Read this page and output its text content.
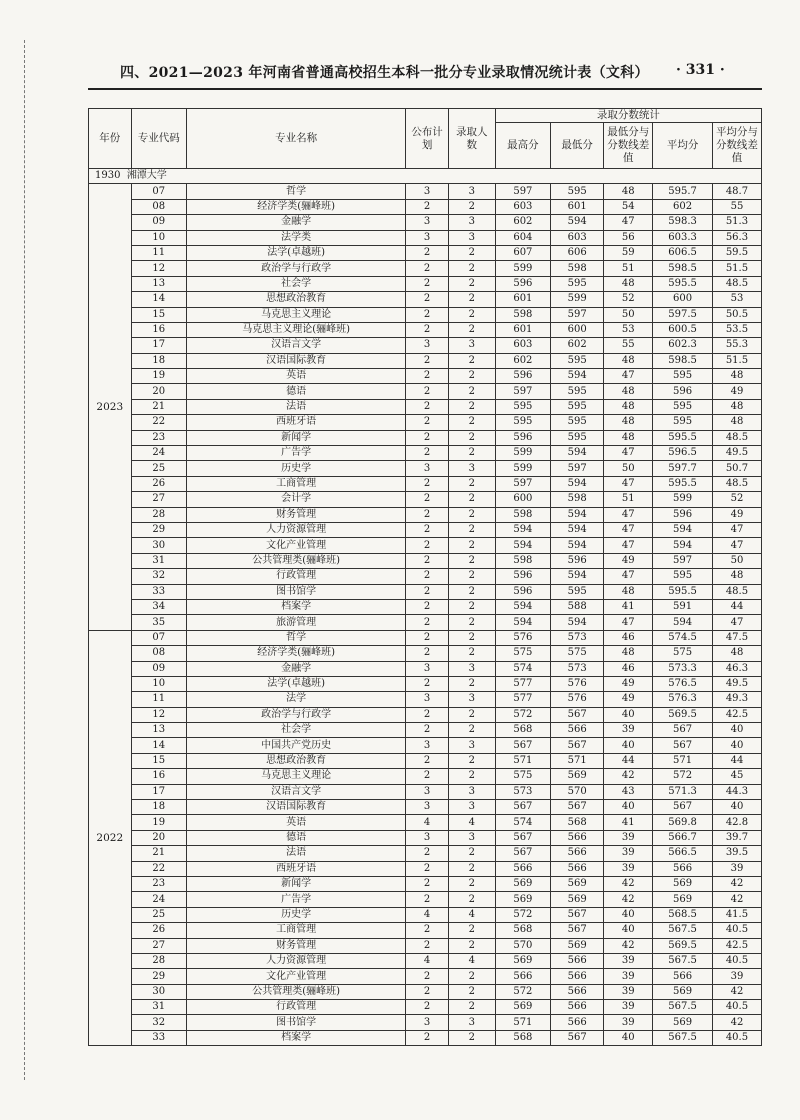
四、2021—2023 年河南省普通高校招生本科一批分专业录取情况统计表（文科）	· 331 ·
年份	专业代码	专业名称	公布计划	录取人数	录取分数统计				
					最高分	最低分	最低分与分数线差值	平均分	平均分与分数线差值
1930 湘潭大学									
2023	07	哲学	3	3	597	595	48	595.7	48.7
	08	经济学类(骊峰班)	2	2	603	601	54	602	55
	09	金融学	3	3	602	594	47	598.3	51.3
	10	法学类	3	3	604	603	56	603.3	56.3
	11	法学(卓越班)	2	2	607	606	59	606.5	59.5
	12	政治学与行政学	2	2	599	598	51	598.5	51.5
	13	社会学	2	2	596	595	48	595.5	48.5
	14	思想政治教育	2	2	601	599	52	600	53
	15	马克思主义理论	2	2	598	597	50	597.5	50.5
	16	马克思主义理论(骊峰班)	2	2	601	600	53	600.5	53.5
	17	汉语言文学	3	3	603	602	55	602.3	55.3
	18	汉语国际教育	2	2	602	595	48	598.5	51.5
	19	英语	2	2	596	594	47	595	48
	20	德语	2	2	597	595	48	596	49
	21	法语	2	2	595	595	48	595	48
	22	西班牙语	2	2	595	595	48	595	48
	23	新闻学	2	2	596	595	48	595.5	48.5
	24	广告学	2	2	599	594	47	596.5	49.5
	25	历史学	3	3	599	597	50	597.7	50.7
	26	工商管理	2	2	597	594	47	595.5	48.5
	27	会计学	2	2	600	598	51	599	52
	28	财务管理	2	2	598	594	47	596	49
	29	人力资源管理	2	2	594	594	47	594	47
	30	文化产业管理	2	2	594	594	47	594	47
	31	公共管理类(骊峰班)	2	2	598	596	49	597	50
	32	行政管理	2	2	596	594	47	595	48
	33	图书馆学	2	2	596	595	48	595.5	48.5
	34	档案学	2	2	594	588	41	591	44
	35	旅游管理	2	2	594	594	47	594	47
2022	07	哲学	2	2	576	573	46	574.5	47.5
	08	经济学类(骊峰班)	2	2	575	575	48	575	48
	09	金融学	3	3	574	573	46	573.3	46.3
	10	法学(卓越班)	2	2	577	576	49	576.5	49.5
	11	法学	3	3	577	576	49	576.3	49.3
	12	政治学与行政学	2	2	572	567	40	569.5	42.5
	13	社会学	2	2	568	566	39	567	40
	14	中国共产党历史	3	3	567	567	40	567	40
	15	思想政治教育	2	2	571	571	44	571	44
	16	马克思主义理论	2	2	575	569	42	572	45
	17	汉语言文学	3	3	573	570	43	571.3	44.3
	18	汉语国际教育	3	3	567	567	40	567	40
	19	英语	4	4	574	568	41	569.8	42.8
	20	德语	3	3	567	566	39	566.7	39.7
	21	法语	2	2	567	566	39	566.5	39.5
	22	西班牙语	2	2	566	566	39	566	39
	23	新闻学	2	2	569	569	42	569	42
	24	广告学	2	2	569	569	42	569	42
	25	历史学	4	4	572	567	40	568.5	41.5
	26	工商管理	2	2	568	567	40	567.5	40.5
	27	财务管理	2	2	570	569	42	569.5	42.5
	28	人力资源管理	4	4	569	566	39	567.5	40.5
	29	文化产业管理	2	2	566	566	39	566	39
	30	公共管理类(骊峰班)	2	2	572	566	39	569	42
	31	行政管理	2	2	569	566	39	567.5	40.5
	32	图书馆学	3	3	571	566	39	569	42
	33	档案学	2	2	568	567	40	567.5	40.5
